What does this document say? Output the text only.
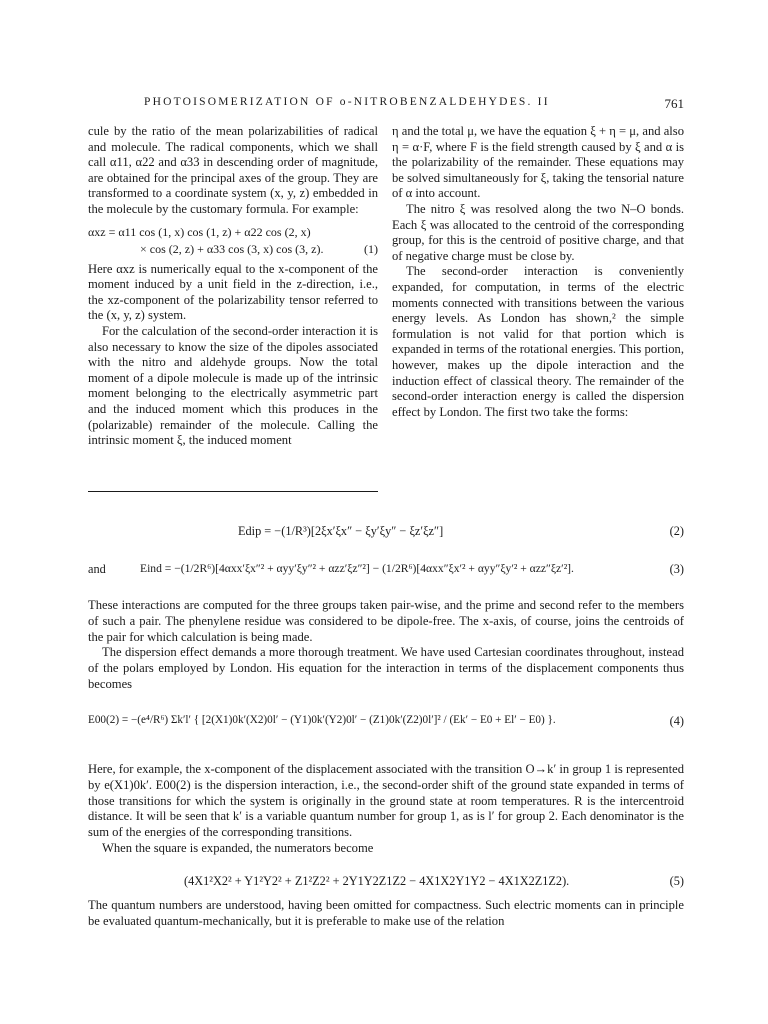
PHOTOISOMERIZATION OF o-NITROBENZALDEHYDES. II	761

cule by the ratio of the mean polarizabilities of radical and molecule. The radical components, which we shall call α11, α22 and α33 in descending order of magnitude, are obtained for the principal axes of the group. They are transformed to a coordinate system (x, y, z) embedded in the molecule by the customary formula. For example:

αxz = α11 cos (1, x) cos (1, z) + α22 cos (2, x)
× cos (2, z) + α33 cos (3, x) cos (3, z).	(1)

Here αxz is numerically equal to the x-component of the moment induced by a unit field in the z-direction, i.e., the xz-component of the polarizability tensor referred to the (x, y, z) system.

For the calculation of the second-order interaction it is also necessary to know the size of the dipoles associated with the nitro and aldehyde groups. Now the total moment of a dipole molecule is made up of the intrinsic moment belonging to the electrically asymmetric part and the induced moment which this produces in the (polarizable) remainder of the molecule. Calling the intrinsic moment ξ, the induced moment

η and the total μ, we have the equation ξ + η = μ, and also η = α·F, where F is the field strength caused by ξ and α is the polarizability of the remainder. These equations may be solved simultaneously for ξ, taking the tensorial nature of α into account.

The nitro ξ was resolved along the two N–O bonds. Each ξ was allocated to the centroid of the corresponding group, for this is the centroid of positive charge, and that of negative charge must be close by.

The second-order interaction is conveniently expanded, for computation, in terms of the electric moments connected with transitions between the various energy levels. As London has shown,² the simple formulation is not valid for that portion which is expanded in terms of the rotational energies. This portion, however, makes up the dipole interaction and the induction effect of classical theory. The remainder of the second-order interaction energy is called the dispersion effect by London. The first two take the forms:

Edip = −(1/R³)[2ξx′ξx″ − ξy′ξy″ − ξz′ξz″]	(2)
and	Eind = −(1/2R⁶)[4αxx′ξx″² + αyy′ξy″² + αzz′ξz″²] − (1/2R⁶)[4αxx″ξx′² + αyy″ξy′² + αzz″ξz′²].	(3)

These interactions are computed for the three groups taken pair-wise, and the prime and second refer to the members of such a pair. The phenylene residue was considered to be dipole-free. The x-axis, of course, joins the centroids of the pair for which calculation is being made.

The dispersion effect demands a more thorough treatment. We have used Cartesian coordinates throughout, instead of the polars employed by London. His equation for the interaction in terms of the displacement components thus becomes

E00(2) = −(e⁴/R⁶) Σk′l′ { [2(X1)0k′(X2)0l′ − (Y1)0k′(Y2)0l′ − (Z1)0k′(Z2)0l′]² / (Ek′ − E0 + El′ − E0) }.	(4)

Here, for example, the x-component of the displacement associated with the transition O→k′ in group 1 is represented by e(X1)0k′. E00(2) is the dispersion interaction, i.e., the second-order shift of the ground state expanded in terms of those transitions for which the system is originally in the ground state at room temperatures. R is the intercentroid distance. It will be seen that k′ is a variable quantum number for group 1, as is l′ for group 2. Each denominator is the sum of the energies of the corresponding transitions.

When the square is expanded, the numerators become

(4X1²X2² + Y1²Y2² + Z1²Z2² + 2Y1Y2Z1Z2 − 4X1X2Y1Y2 − 4X1X2Z1Z2).	(5)

The quantum numbers are understood, having been omitted for compactness. Such electric moments can in principle be evaluated quantum-mechanically, but it is preferable to make use of the relation
